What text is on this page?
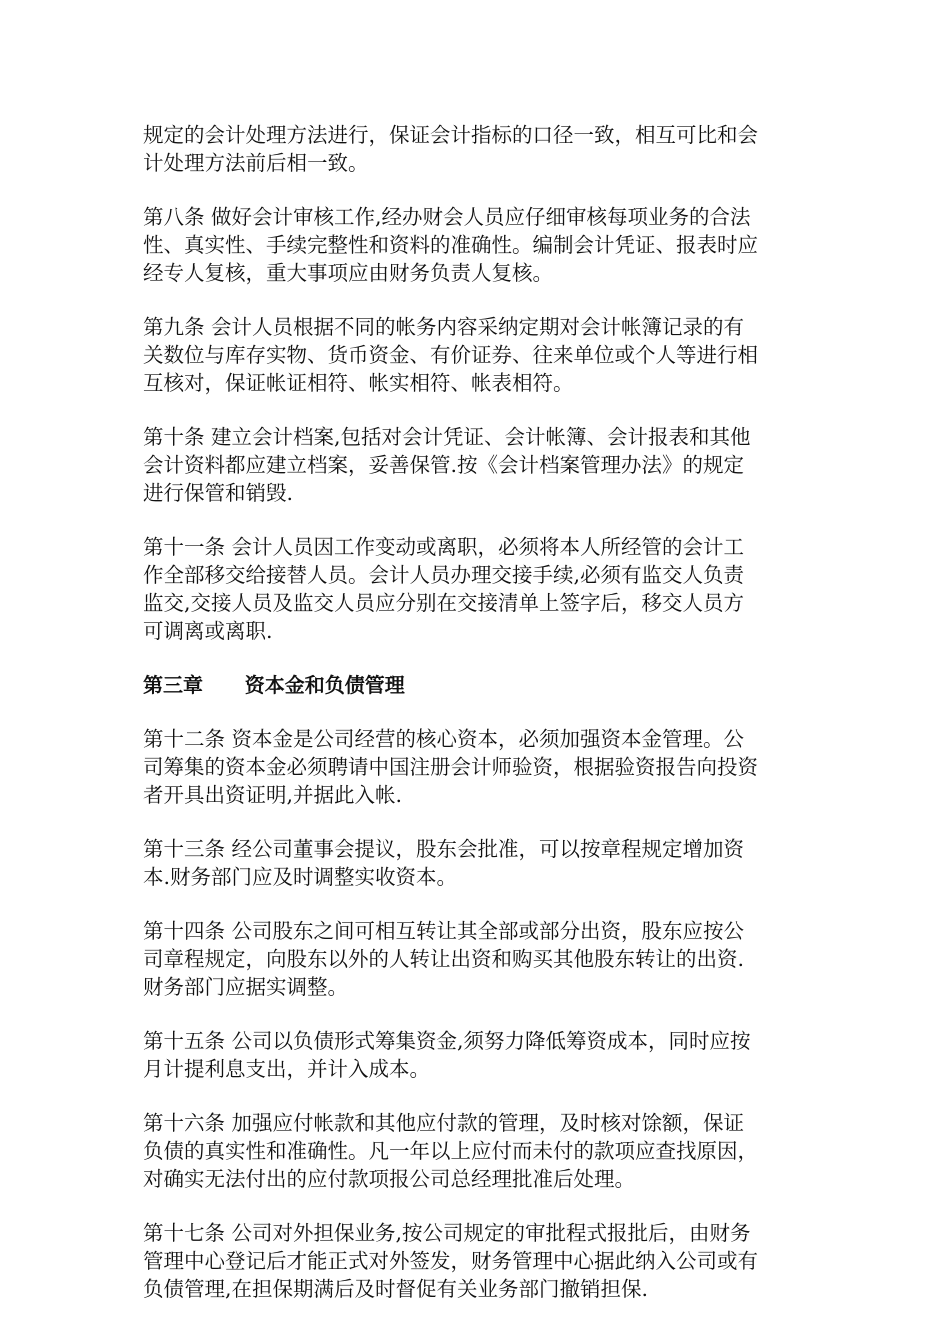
规定的会计处理方法进行，保证会计指标的口径一致，相互可比和会
计处理方法前后相一致。
第八条 做好会计审核工作,经办财会人员应仔细审核每项业务的合法
性、真实性、手续完整性和资料的准确性。编制会计凭证、报表时应
经专人复核，重大事项应由财务负责人复核。
第九条 会计人员根据不同的帐务内容采纳定期对会计帐簿记录的有
关数位与库存实物、货币资金、有价证券、往来单位或个人等进行相
互核对，保证帐证相符、帐实相符、帐表相符。
第十条 建立会计档案,包括对会计凭证、会计帐簿、会计报表和其他
会计资料都应建立档案，妥善保管.按《会计档案管理办法》的规定
进行保管和销毁.
第十一条 会计人员因工作变动或离职，必须将本人所经管的会计工
作全部移交给接替人员。会计人员办理交接手续,必须有监交人负责
监交,交接人员及监交人员应分别在交接清单上签字后，移交人员方
可调离或离职.
第三章      资本金和负债管理
第十二条 资本金是公司经营的核心资本，必须加强资本金管理。公
司筹集的资本金必须聘请中国注册会计师验资，根据验资报告向投资
者开具出资证明,并据此入帐.
第十三条 经公司董事会提议，股东会批准，可以按章程规定增加资
本.财务部门应及时调整实收资本。
第十四条 公司股东之间可相互转让其全部或部分出资，股东应按公
司章程规定，向股东以外的人转让出资和购买其他股东转让的出资.
财务部门应据实调整。
第十五条 公司以负债形式筹集资金,须努力降低筹资成本，同时应按
月计提利息支出，并计入成本。
第十六条 加强应付帐款和其他应付款的管理，及时核对馀额，保证
负债的真实性和准确性。凡一年以上应付而未付的款项应查找原因，
对确实无法付出的应付款项报公司总经理批准后处理。
第十七条 公司对外担保业务,按公司规定的审批程式报批后，由财务
管理中心登记后才能正式对外签发，财务管理中心据此纳入公司或有
负债管理,在担保期满后及时督促有关业务部门撤销担保.
